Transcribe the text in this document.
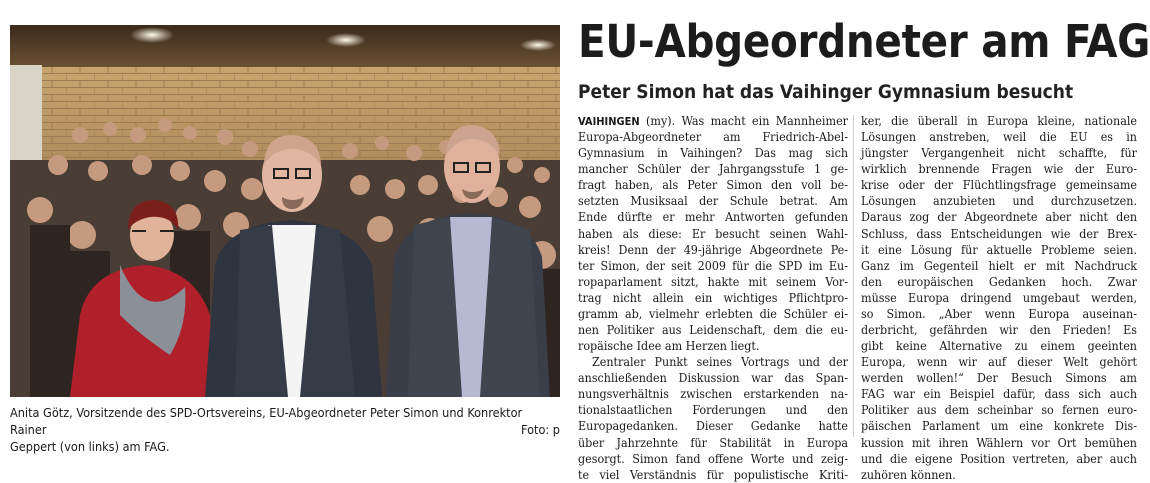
Anita Götz, Vorsitzende des SPD-Ortsvereins, EU-Abgeordneter Peter Simon und Konrektor Rainer
Geppert (von links) am FAG.
Foto: p
EU-Abgeordneter am FAG
Peter Simon hat das Vaihinger Gymnasium besucht
VAIHINGEN (my). Was macht ein Mannheimer
Europa-Abgeordneter am Friedrich-Abel-
Gymnasium in Vaihingen? Das mag sich
mancher Schüler der Jahrgangsstufe 1 ge-
fragt haben, als Peter Simon den voll be-
setzten Musiksaal der Schule betrat. Am
Ende dürfte er mehr Antworten gefunden
haben als diese: Er besucht seinen Wahl-
kreis! Denn der 49-jährige Abgeordnete Pe-
ter Simon, der seit 2009 für die SPD im Eu-
ropaparlament sitzt, hakte mit seinem Vor-
trag nicht allein ein wichtiges Pflichtpro-
gramm ab, vielmehr erlebten die Schüler ei-
nen Politiker aus Leidenschaft, dem die eu-
ropäische Idee am Herzen liegt.
Zentraler Punkt seines Vortrags und der
anschließenden Diskussion war das Span-
nungsverhältnis zwischen erstarkenden na-
tionalstaatlichen Forderungen und den
Europagedanken. Dieser Gedanke hatte
über Jahrzehnte für Stabilität in Europa
gesorgt. Simon fand offene Worte und zeig-
te viel Verständnis für populistische Kriti-
ker, die überall in Europa kleine, nationale
Lösungen anstreben, weil die EU es in
jüngster Vergangenheit nicht schaffte, für
wirklich brennende Fragen wie der Euro-
krise oder der Flüchtlingsfrage gemeinsame
Lösungen anzubieten und durchzusetzen.
Daraus zog der Abgeordnete aber nicht den
Schluss, dass Entscheidungen wie der Brex-
it eine Lösung für aktuelle Probleme seien.
Ganz im Gegenteil hielt er mit Nachdruck
den europäischen Gedanken hoch. Zwar
müsse Europa dringend umgebaut werden,
so Simon. „Aber wenn Europa auseinan-
derbricht, gefährden wir den Frieden! Es
gibt keine Alternative zu einem geeinten
Europa, wenn wir auf dieser Welt gehört
werden wollen!“ Der Besuch Simons am
FAG war ein Beispiel dafür, dass sich auch
Politiker aus dem scheinbar so fernen euro-
päischen Parlament um eine konkrete Dis-
kussion mit ihren Wählern vor Ort bemühen
und die eigene Position vertreten, aber auch
zuhören können.
